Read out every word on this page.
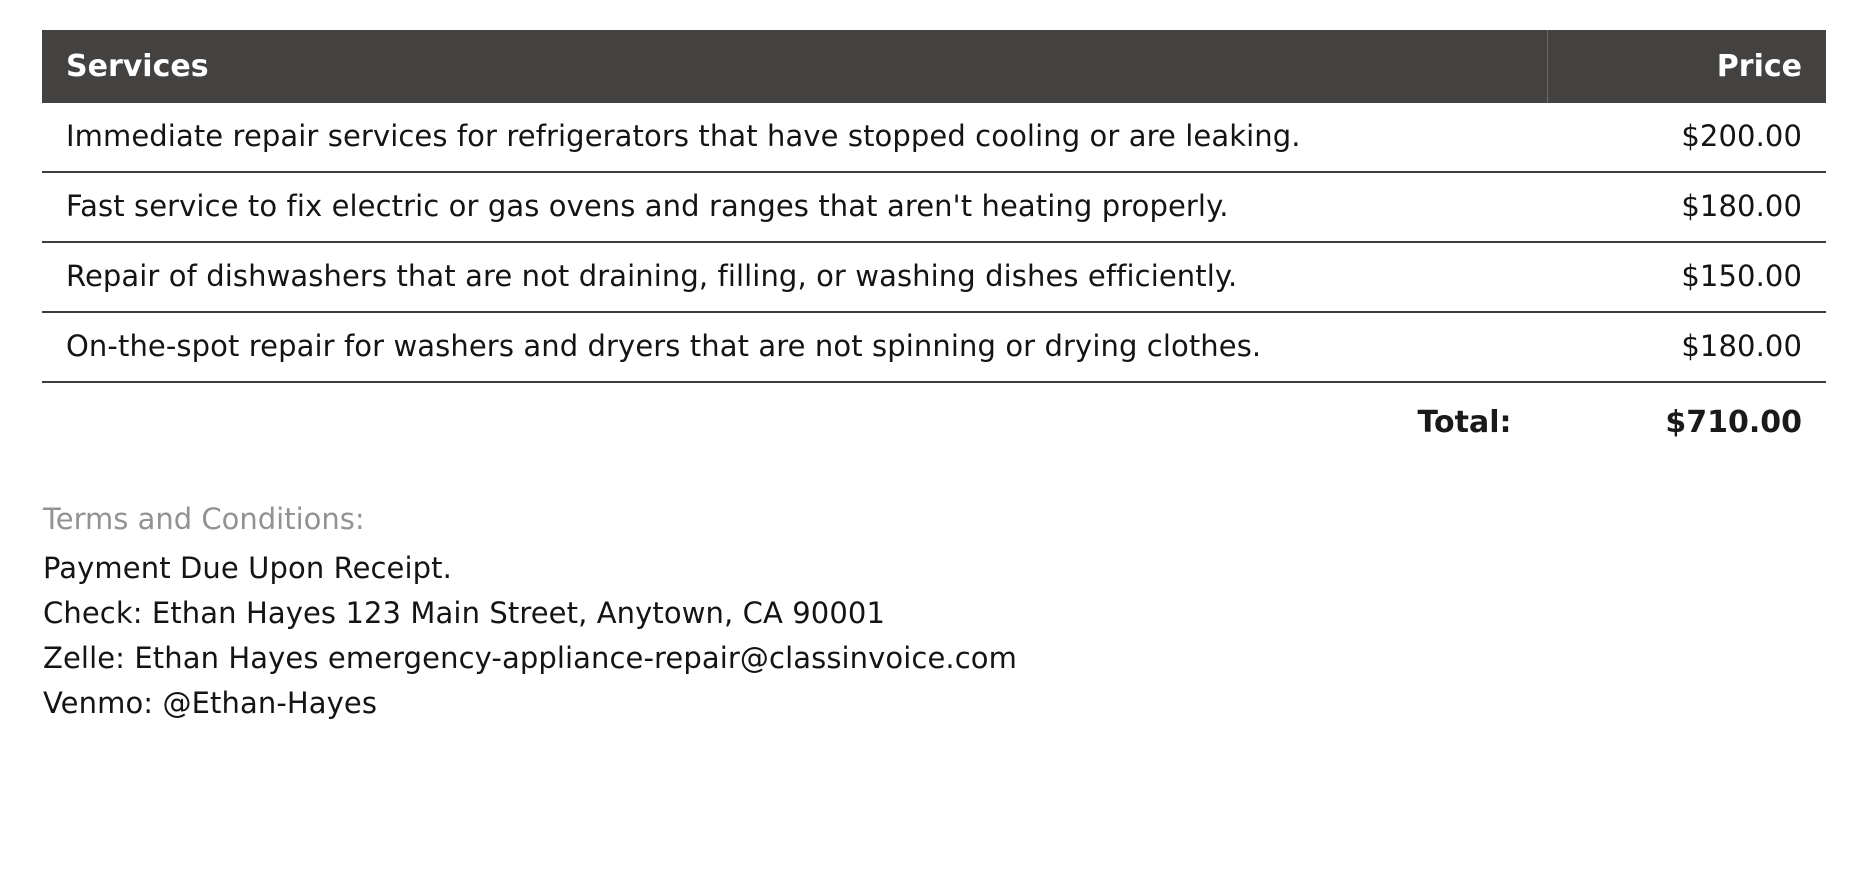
Services	Price
Immediate repair services for refrigerators that have stopped cooling or are leaking.	$200.00
Fast service to fix electric or gas ovens and ranges that aren't heating properly.	$180.00
Repair of dishwashers that are not draining, filling, or washing dishes efficiently.	$150.00
On-the-spot repair for washers and dryers that are not spinning or drying clothes.	$180.00
Total:	$710.00
Terms and Conditions:
Payment Due Upon Receipt.
Check: Ethan Hayes 123 Main Street, Anytown, CA 90001
Zelle: Ethan Hayes emergency-appliance-repair@classinvoice.com
Venmo: @Ethan-Hayes
